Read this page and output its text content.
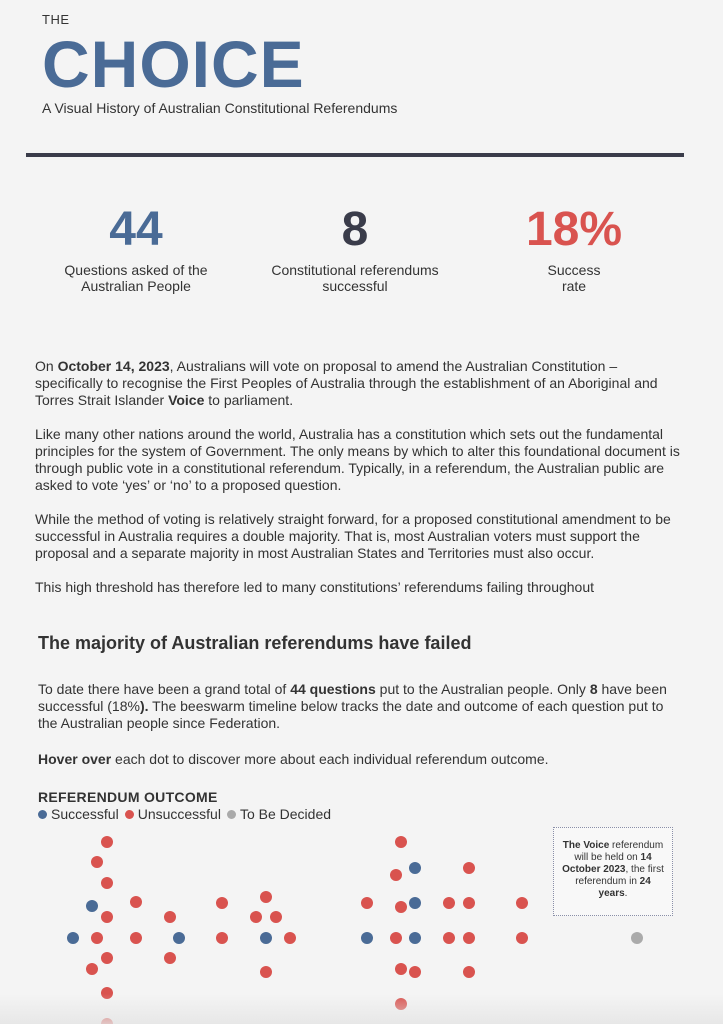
THE
CHOICE
A Visual History of Australian Constitutional Referendums
44
Questions asked of the
Australian People
8
Constitutional referendums
successful
18%
Success
rate

On October 14, 2023, Australians will vote on proposal to amend the Australian Constitution – specifically to recognise the First Peoples of Australia through the establishment of an Aboriginal and Torres Strait Islander Voice to parliament.

Like many other nations around the world, Australia has a constitution which sets out the fundamental principles for the system of Government. The only means by which to alter this foundational document is through public vote in a constitutional referendum. Typically, in a referendum, the Australian public are asked to vote ‘yes’ or ‘no’ to a proposed question.

While the method of voting is relatively straight forward, for a proposed constitutional amendment to be successful in Australia requires a double majority. That is, most Australian voters must support the proposal and a separate majority in most Australian States and Territories must also occur.

This high threshold has therefore led to many constitutions’ referendums failing throughout

The majority of Australian referendums have failed
To date there have been a grand total of 44 questions put to the Australian people. Only 8 have been successful (18%). The beeswarm timeline below tracks the date and outcome of each question put to the Australian people since Federation.
Hover over each dot to discover more about each individual referendum outcome.
REFERENDUM OUTCOME
Successful Unsuccessful To Be Decided
The Voice referendum will be held on 14 October 2023, the first referendum in 24 years.
